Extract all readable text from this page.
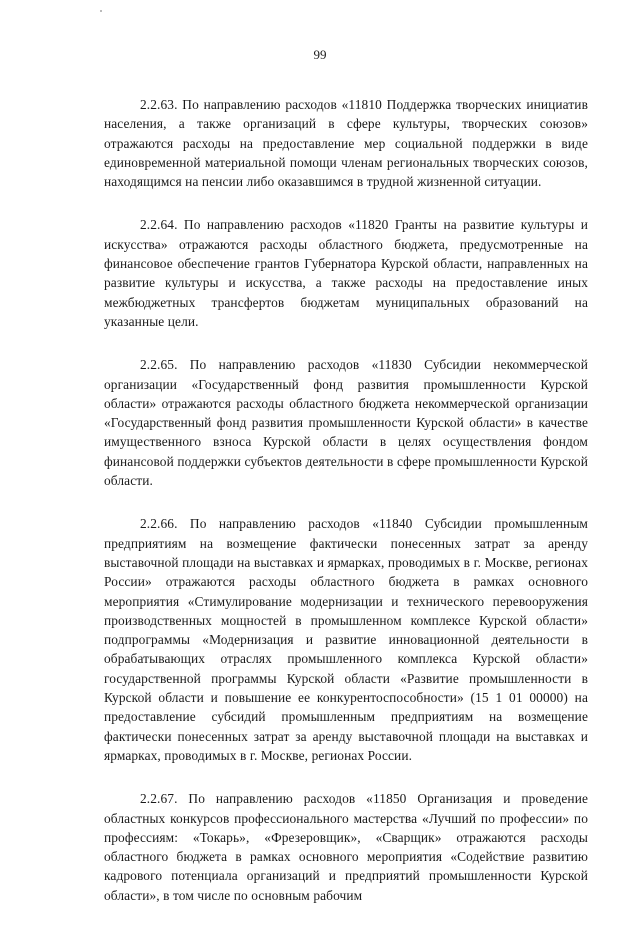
99

2.2.63. По направлению расходов «11810 Поддержка творческих инициатив населения, а также организаций в сфере культуры, творческих союзов» отражаются расходы на предоставление мер социальной поддержки в виде единовременной материальной помощи членам региональных творческих союзов, находящимся на пенсии либо оказавшимся в трудной жизненной ситуации.

2.2.64. По направлению расходов «11820 Гранты на развитие культуры и искусства» отражаются расходы областного бюджета, предусмотренные на финансовое обеспечение грантов Губернатора Курской области, направленных на развитие культуры и искусства, а также расходы на предоставление иных межбюджетных трансфертов бюджетам муниципальных образований на указанные цели.

2.2.65. По направлению расходов «11830 Субсидии некоммерческой организации «Государственный фонд развития промышленности Курской области» отражаются расходы областного бюджета некоммерческой организации «Государственный фонд развития промышленности Курской области» в качестве имущественного взноса Курской области в целях осуществления фондом финансовой поддержки субъектов деятельности в сфере промышленности Курской области.

2.2.66. По направлению расходов «11840 Субсидии промышленным предприятиям на возмещение фактически понесенных затрат за аренду выставочной площади на выставках и ярмарках, проводимых в г. Москве, регионах России» отражаются расходы областного бюджета в рамках основного мероприятия «Стимулирование модернизации и технического перевооружения производственных мощностей в промышленном комплексе Курской области» подпрограммы «Модернизация и развитие инновационной деятельности в обрабатывающих отраслях промышленного комплекса Курской области» государственной программы Курской области «Развитие промышленности в Курской области и повышение ее конкурентоспособности» (15 1 01 00000) на предоставление субсидий промышленным предприятиям на возмещение фактически понесенных затрат за аренду выставочной площади на выставках и ярмарках, проводимых в г. Москве, регионах России.

2.2.67. По направлению расходов «11850 Организация и проведение областных конкурсов профессионального мастерства «Лучший по профессии» по профессиям: «Токарь», «Фрезеровщик», «Сварщик» отражаются расходы областного бюджета в рамках основного мероприятия «Содействие развитию кадрового потенциала организаций и предприятий промышленности Курской области», в том числе по основным рабочим
